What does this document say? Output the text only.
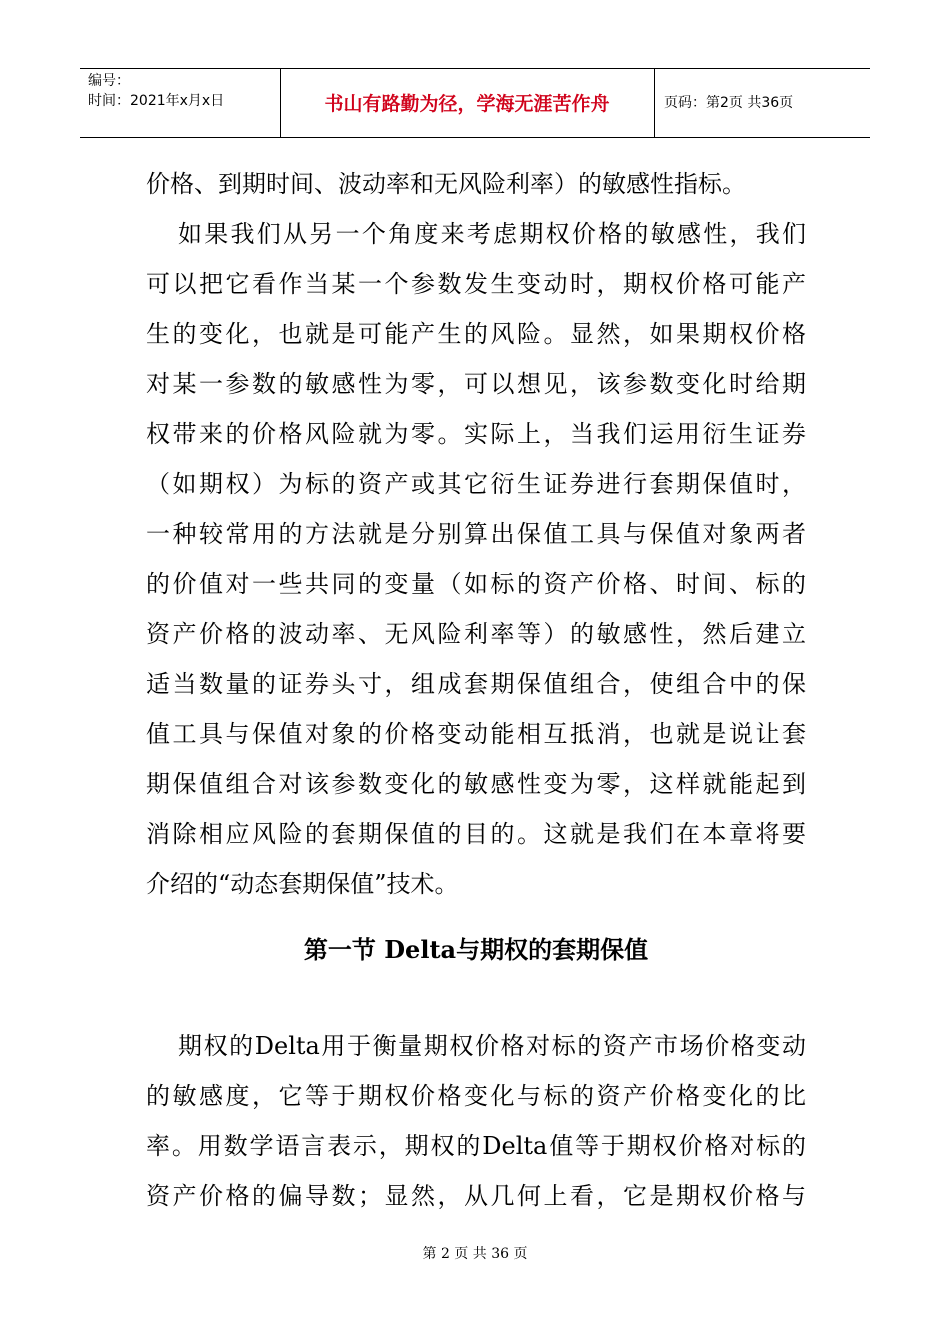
编号：
时间：2021年x月x日	书山有路勤为径，学海无涯苦作舟	页码：第2页 共36页
价格、到期时间、波动率和无风险利率）的敏感性指标。
如果我们从另一个角度来考虑期权价格的敏感性，我们
可以把它看作当某一个参数发生变动时，期权价格可能产
生的变化，也就是可能产生的风险。显然，如果期权价格
对某一参数的敏感性为零，可以想见，该参数变化时给期
权带来的价格风险就为零。实际上，当我们运用衍生证券
（如期权）为标的资产或其它衍生证券进行套期保值时，
一种较常用的方法就是分别算出保值工具与保值对象两者
的价值对一些共同的变量（如标的资产价格、时间、标的
资产价格的波动率、无风险利率等）的敏感性，然后建立
适当数量的证券头寸，组成套期保值组合，使组合中的保
值工具与保值对象的价格变动能相互抵消，也就是说让套
期保值组合对该参数变化的敏感性变为零，这样就能起到
消除相应风险的套期保值的目的。这就是我们在本章将要
介绍的“动态套期保值”技术。
第一节 Delta与期权的套期保值
期权的Delta用于衡量期权价格对标的资产市场价格变动
的敏感度，它等于期权价格变化与标的资产价格变化的比
率。用数学语言表示，期权的Delta值等于期权价格对标的
资产价格的偏导数；显然，从几何上看，它是期权价格与
第 2 页 共 36 页
